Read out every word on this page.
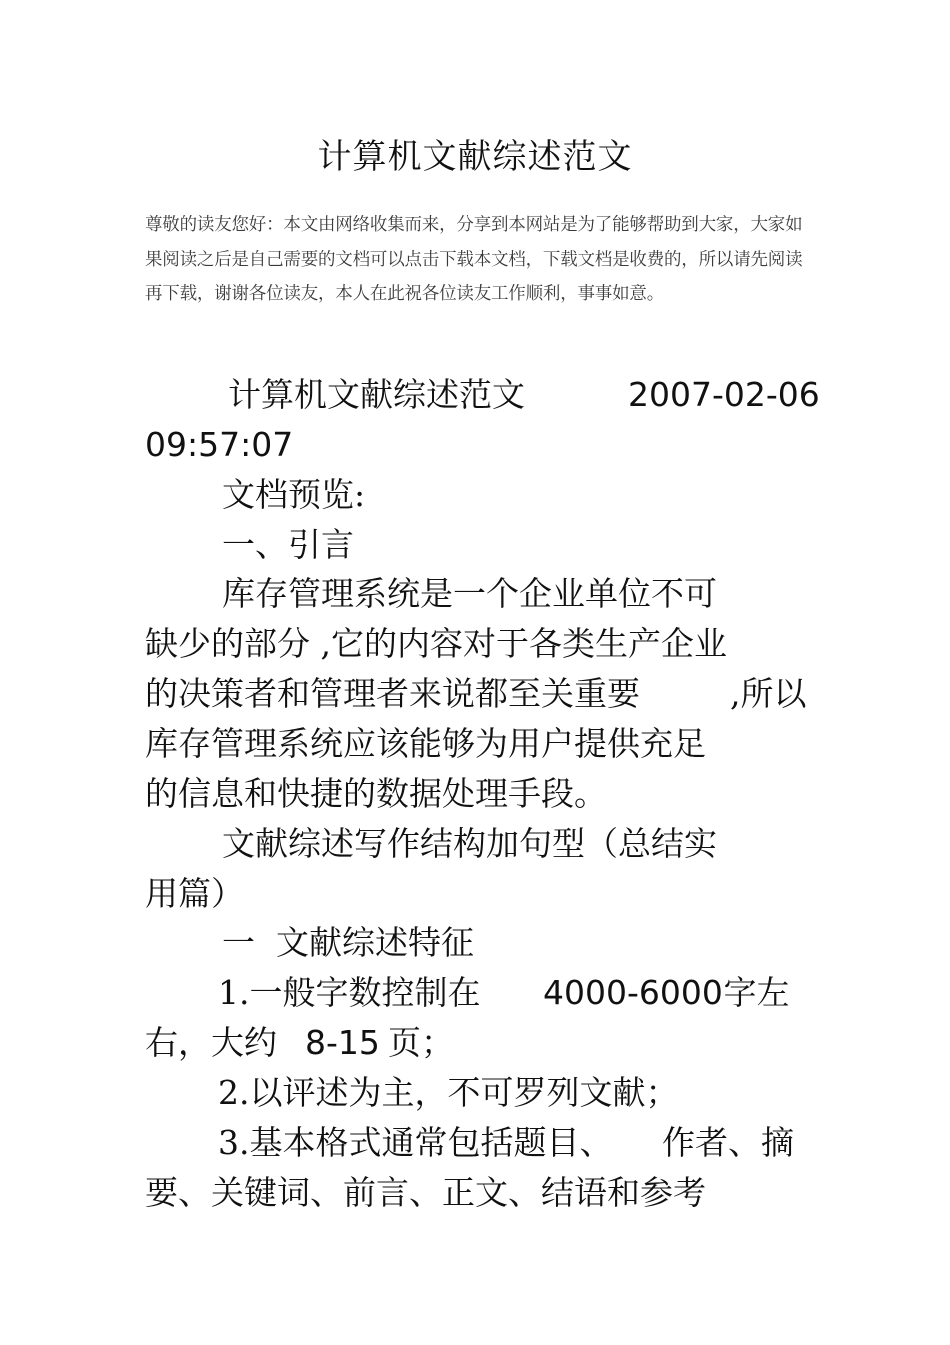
计算机文献综述范文
尊敬的读友您好：本文由网络收集而来，分享到本网站是为了能够帮助到大家，大家如果阅读之后是自己需要的文档可以点击下载本文档，下载文档是收费的，所以请先阅读再下载，谢谢各位读友，本人在此祝各位读友工作顺利，事事如意。
计算机文献综述范文	2007-02-06
09:57:07
文档预览:
一、引言
库存管理系统是一个企业单位不可
缺少的部分 ,它的内容对于各类生产企业
的决策者和管理者来说都至关重要	,所以
库存管理系统应该能够为用户提供充足
的信息和快捷的数据处理手段。
文献综述写作结构加句型（总结实
用篇）
一  文献综述特征
1.一般字数控制在 4000-6000
字左
右，大约 8-15 页；
2.以评述为主，不可罗列文献；
3.基本格式通常包括题目、 作者、摘
要、关键词、前言、正文、结语和参考
